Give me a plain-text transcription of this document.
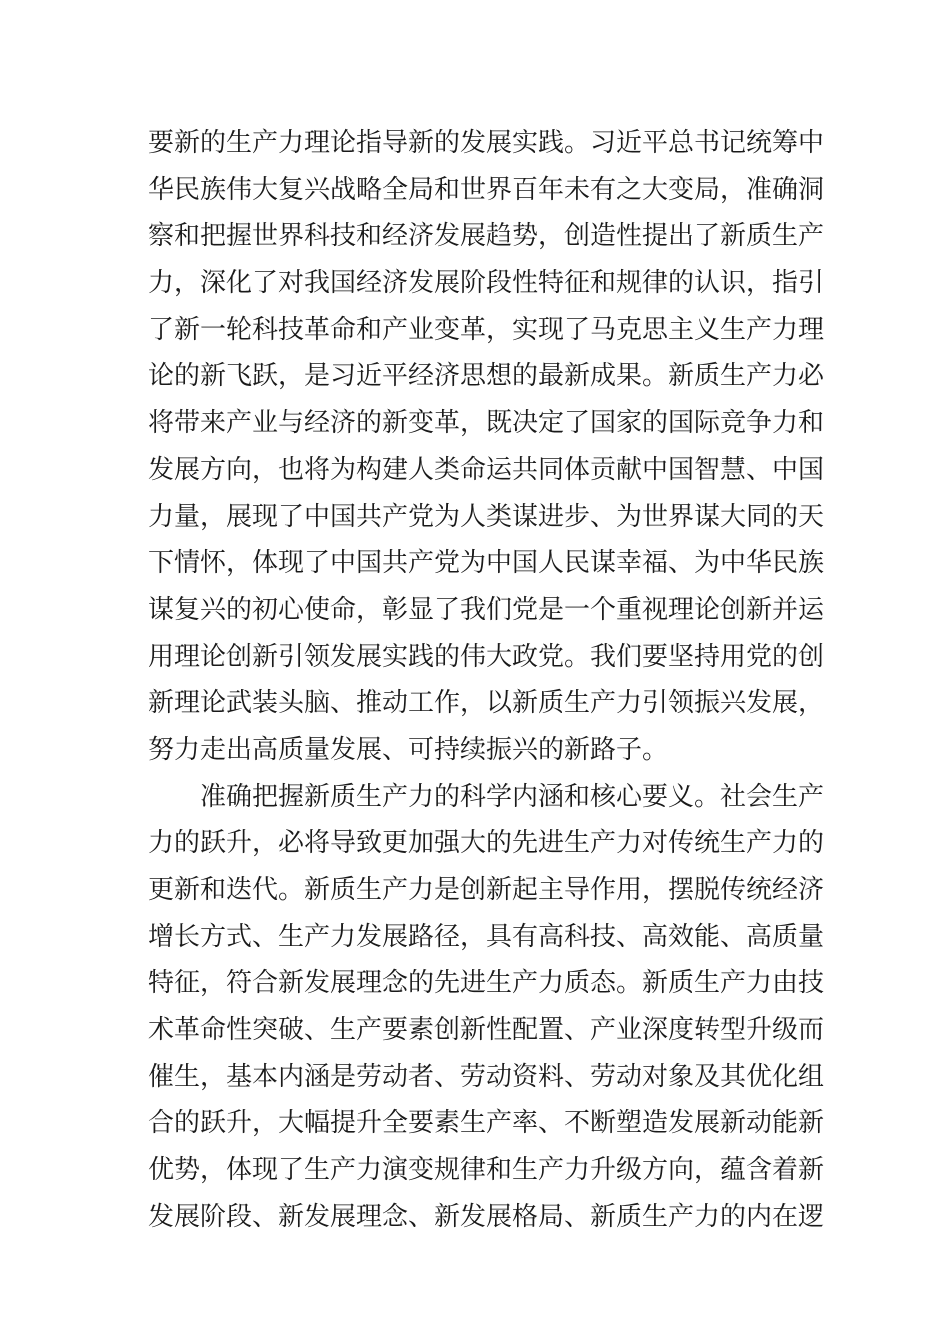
要新的生产力理论指导新的发展实践。习近平总书记统筹中
华民族伟大复兴战略全局和世界百年未有之大变局，准确洞
察和把握世界科技和经济发展趋势，创造性提出了新质生产
力，深化了对我国经济发展阶段性特征和规律的认识，指引
了新一轮科技革命和产业变革，实现了马克思主义生产力理
论的新飞跃，是习近平经济思想的最新成果。新质生产力必
将带来产业与经济的新变革，既决定了国家的国际竞争力和
发展方向，也将为构建人类命运共同体贡献中国智慧、中国
力量，展现了中国共产党为人类谋进步、为世界谋大同的天
下情怀，体现了中国共产党为中国人民谋幸福、为中华民族
谋复兴的初心使命，彰显了我们党是一个重视理论创新并运
用理论创新引领发展实践的伟大政党。我们要坚持用党的创
新理论武装头脑、推动工作，以新质生产力引领振兴发展，
努力走出高质量发展、可持续振兴的新路子。
准确把握新质生产力的科学内涵和核心要义。社会生产
力的跃升，必将导致更加强大的先进生产力对传统生产力的
更新和迭代。新质生产力是创新起主导作用，摆脱传统经济
增长方式、生产力发展路径，具有高科技、高效能、高质量
特征，符合新发展理念的先进生产力质态。新质生产力由技
术革命性突破、生产要素创新性配置、产业深度转型升级而
催生，基本内涵是劳动者、劳动资料、劳动对象及其优化组
合的跃升，大幅提升全要素生产率、不断塑造发展新动能新
优势，体现了生产力演变规律和生产力升级方向，蕴含着新
发展阶段、新发展理念、新发展格局、新质生产力的内在逻
